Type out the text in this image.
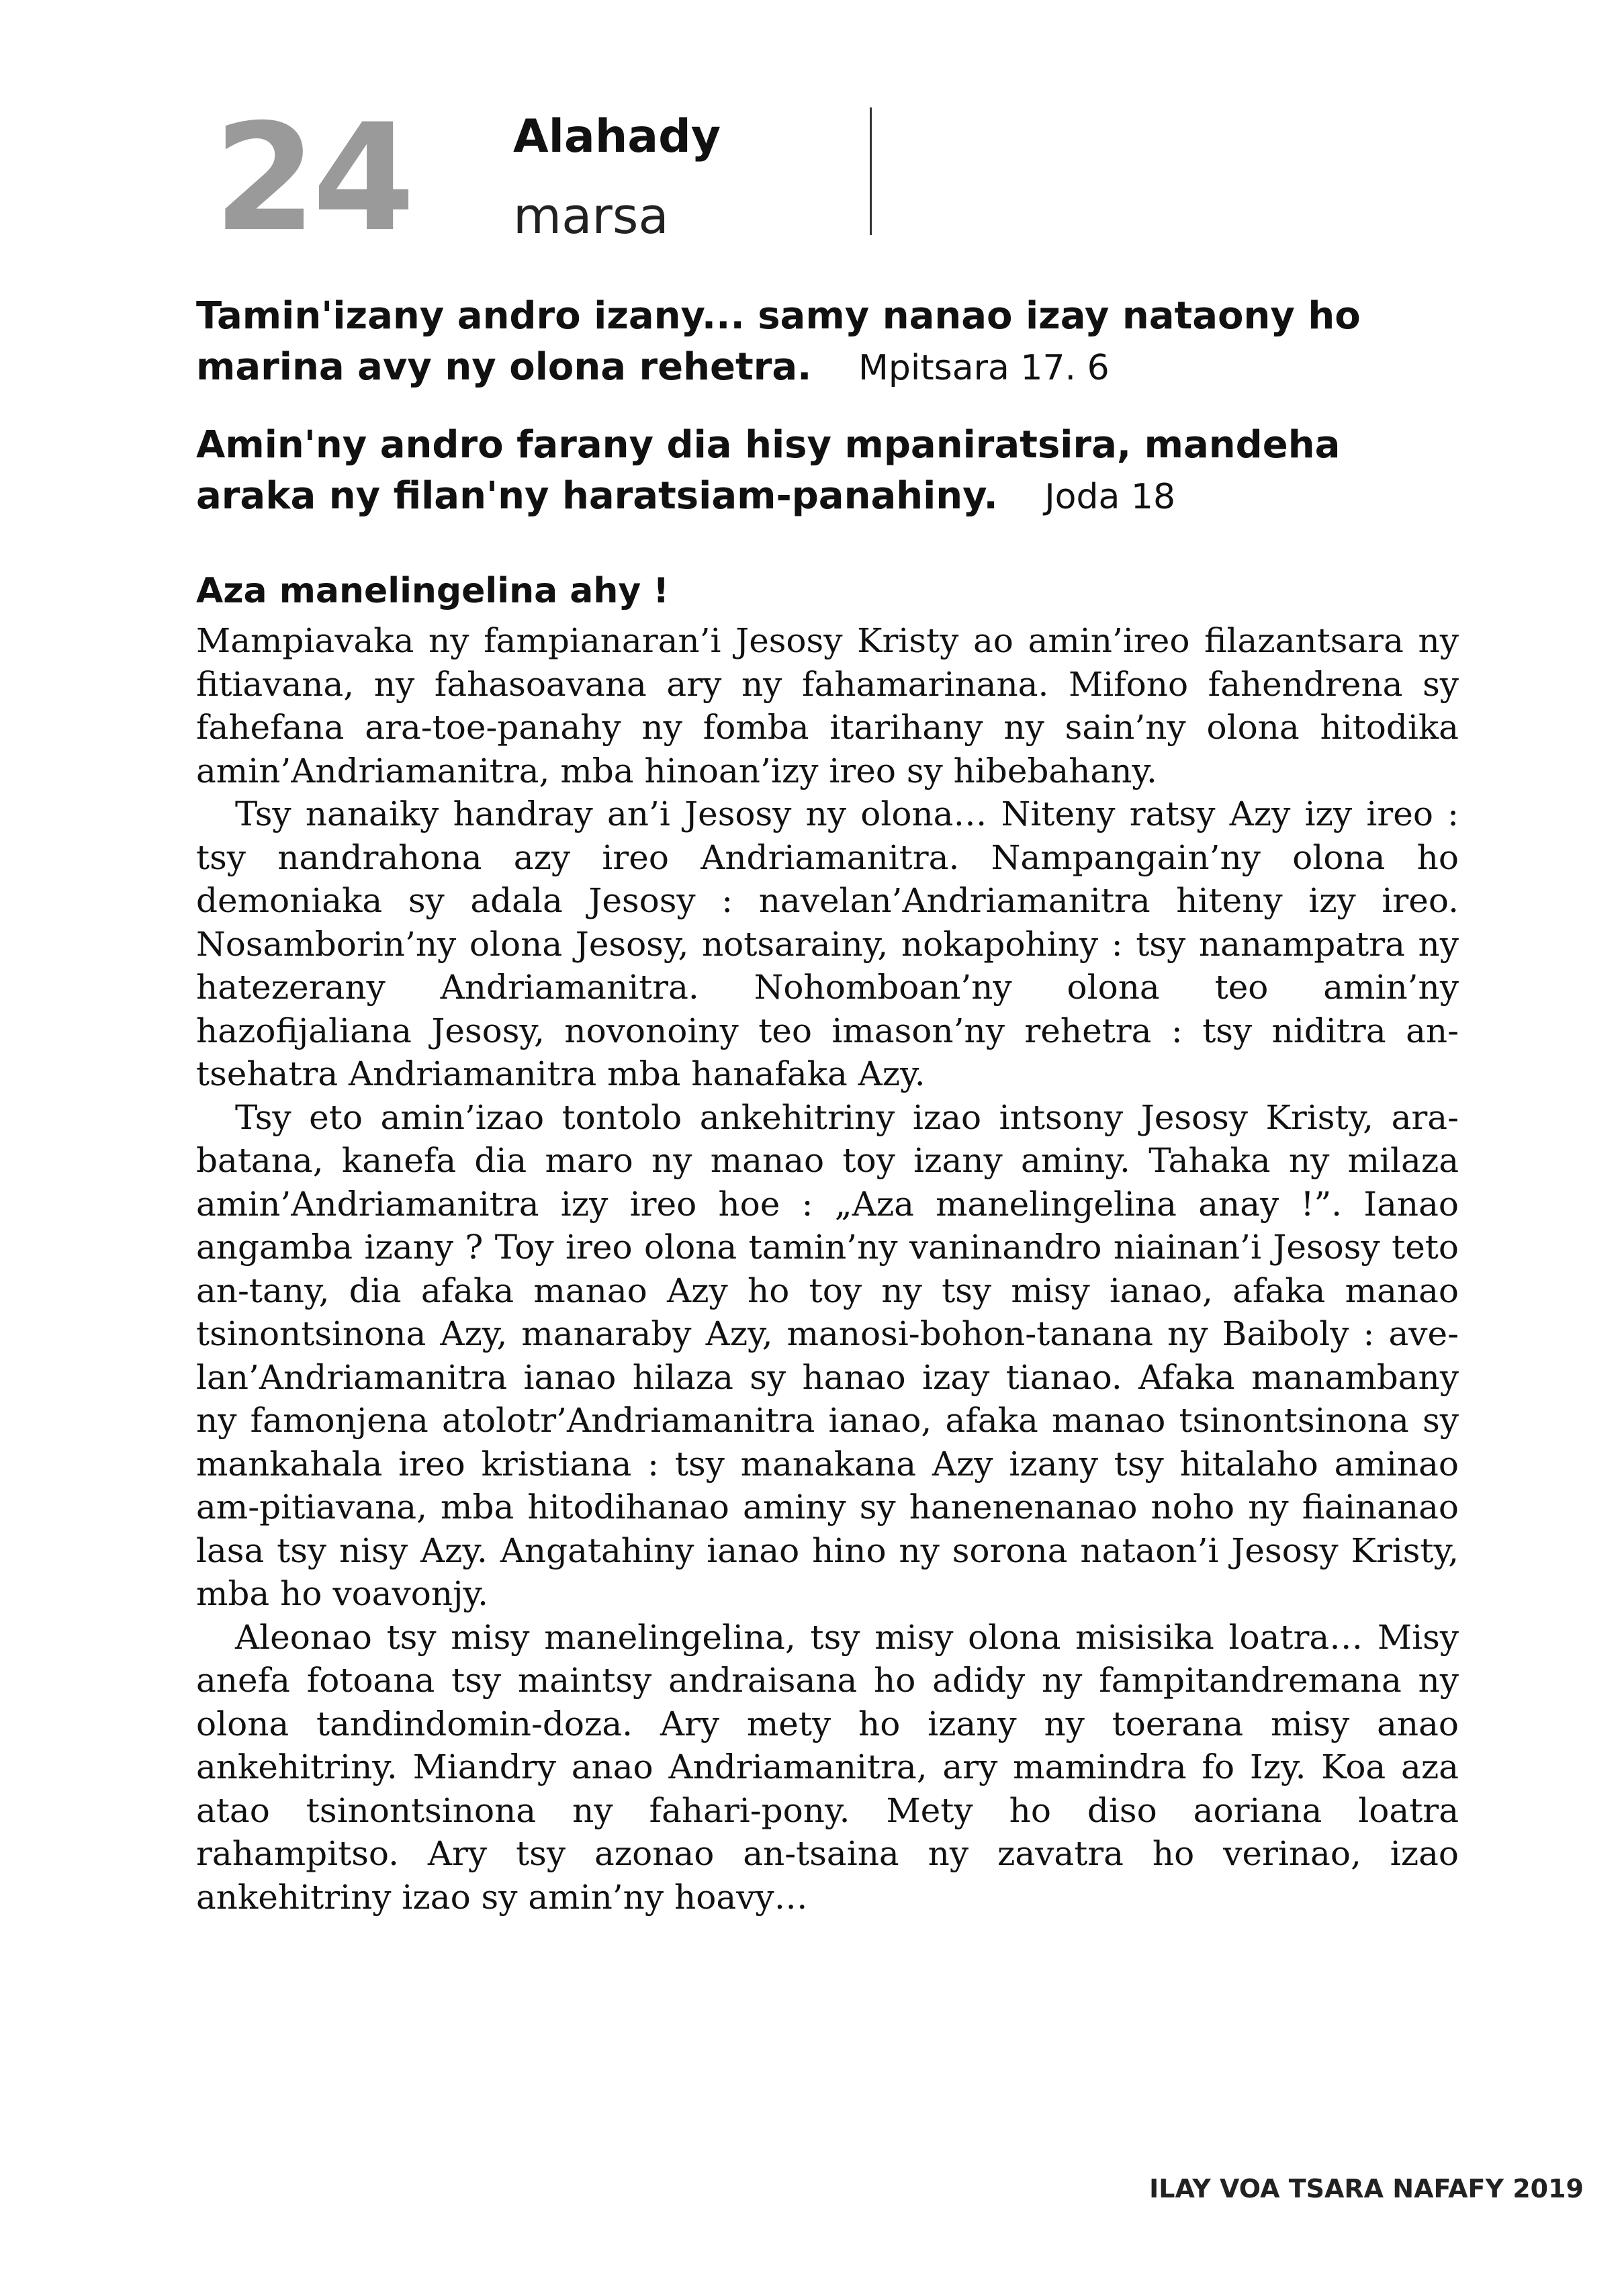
24 Alahady
marsa

Tamin'izany andro izany... samy nanao izay nataony ho marina avy ny olona rehetra. Mpitsara 17. 6

Amin'ny andro farany dia hisy mpaniratsira, mandeha araka ny filan'ny haratsiam-panahiny. Joda 18

Aza manelingelina ahy !

Mampiavaka ny fampianaran’i Jesosy Kristy ao amin’ireo filazantsara ny fitiavana, ny fahasoavana ary ny fahamarinana. Mifono fahendrena sy fahefana ara-toe-panahy ny fomba itarihany ny sain’ny olona hitodika amin’Andriamanitra, mba hinoan’izy ireo sy hibebahany.

Tsy nanaiky handray an’i Jesosy ny olona… Niteny ratsy Azy izy ireo : tsy nandrahona azy ireo Andriamanitra. Nampangain’ny olona ho demoniaka sy adala Jesosy : navelan’Andriamanitra hiteny izy ireo. Nosamborin’ny olona Jesosy, notsarainy, nokapohiny : tsy nanampatra ny hatezerany Andriamanitra. Nohomboan’ny olona teo amin’ny hazofijaliana Jesosy, novonoiny teo imason’ny rehetra : tsy niditra an-tsehatra Andriamanitra mba hanafaka Azy.

Tsy eto amin’izao tontolo ankehitriny izao intsony Jesosy Kristy, ara-batana, kanefa dia maro ny manao toy izany aminy. Tahaka ny milaza amin’Andriamanitra izy ireo hoe : „Aza manelingelina anay !”. Ianao angamba izany ? Toy ireo olona tamin’ny vaninandro niainan’i Jesosy teto an-tany, dia afaka manao Azy ho toy ny tsy misy ianao, afaka manao tsinontsinona Azy, manaraby Azy, manosi-bohon-tanana ny Baiboly : avelan’Andriamanitra ianao hilaza sy hanao izay tianao. Afaka manambany ny famonjena atolotr’Andriamanitra ianao, afaka manao tsinontsinona sy mankahala ireo kristiana : tsy manakana Azy izany tsy hitalaho aminao am-pitiavana, mba hitodihanao aminy sy hanenenanao noho ny fiainanao lasa tsy nisy Azy. Angatahiny ianao hino ny sorona nataon’i Jesosy Kristy, mba ho voavonjy.

Aleonao tsy misy manelingelina, tsy misy olona misisika loatra… Misy anefa fotoana tsy maintsy andraisana ho adidy ny fampitandremana ny olona tandindomin-doza. Ary mety ho izany ny toerana misy anao ankehitriny. Miandry anao Andriamanitra, ary mamindra fo Izy. Koa aza atao tsinontsinona ny fahari-pony. Mety ho diso aoriana loatra rahampitso. Ary tsy azonao an-tsaina ny zavatra ho verinao, izao ankehitriny izao sy amin’ny hoavy…

ILAY VOA TSARA NAFAFY 2019
